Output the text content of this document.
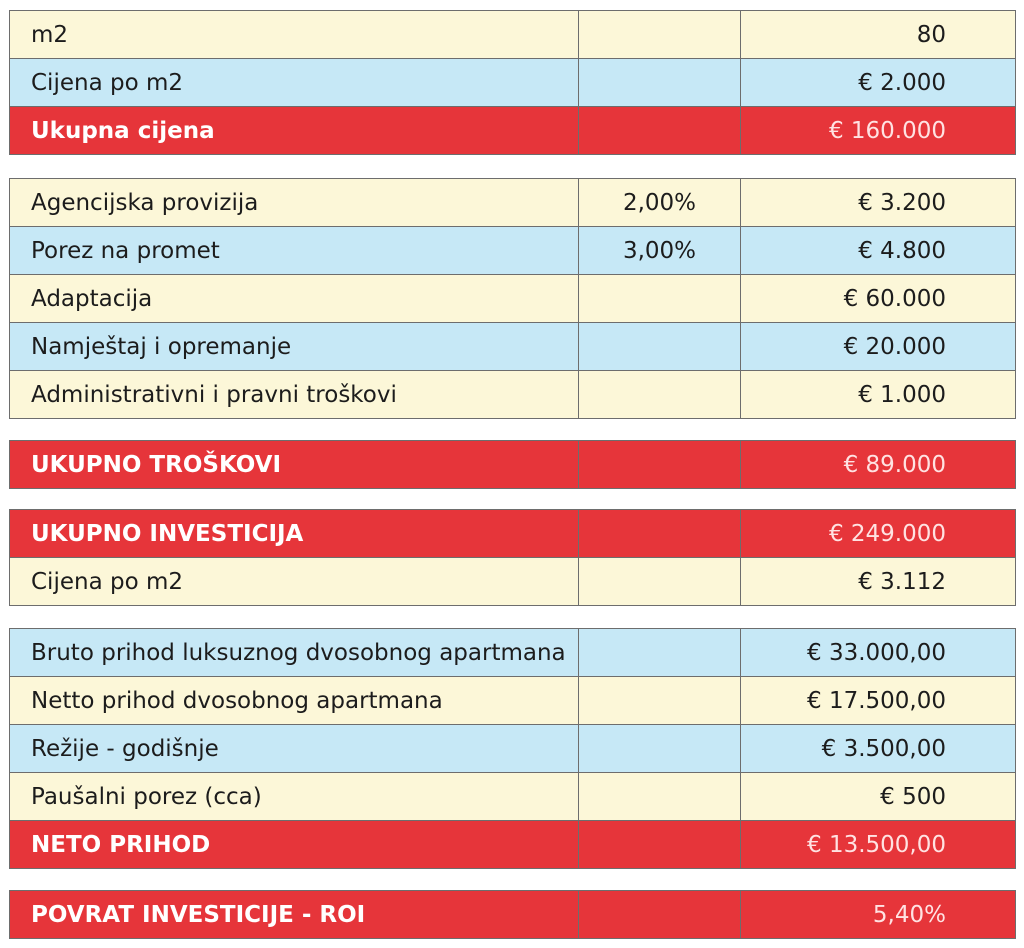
m2		80
Cijena po m2		€ 2.000
Ukupna cijena		€ 160.000
Agencijska provizija	2,00%	€ 3.200
Porez na promet	3,00%	€ 4.800
Adaptacija		€ 60.000
Namještaj i opremanje		€ 20.000
Administrativni i pravni troškovi		€ 1.000
UKUPNO TROŠKOVI		€ 89.000
UKUPNO INVESTICIJA		€ 249.000
Cijena po m2		€ 3.112
Bruto prihod luksuznog dvosobnog apartmana		€ 33.000,00
Netto prihod dvosobnog apartmana		€ 17.500,00
Režije - godišnje		€ 3.500,00
Paušalni porez (cca)		€ 500
NETO PRIHOD		€ 13.500,00
POVRAT INVESTICIJE - ROI		5,40%
